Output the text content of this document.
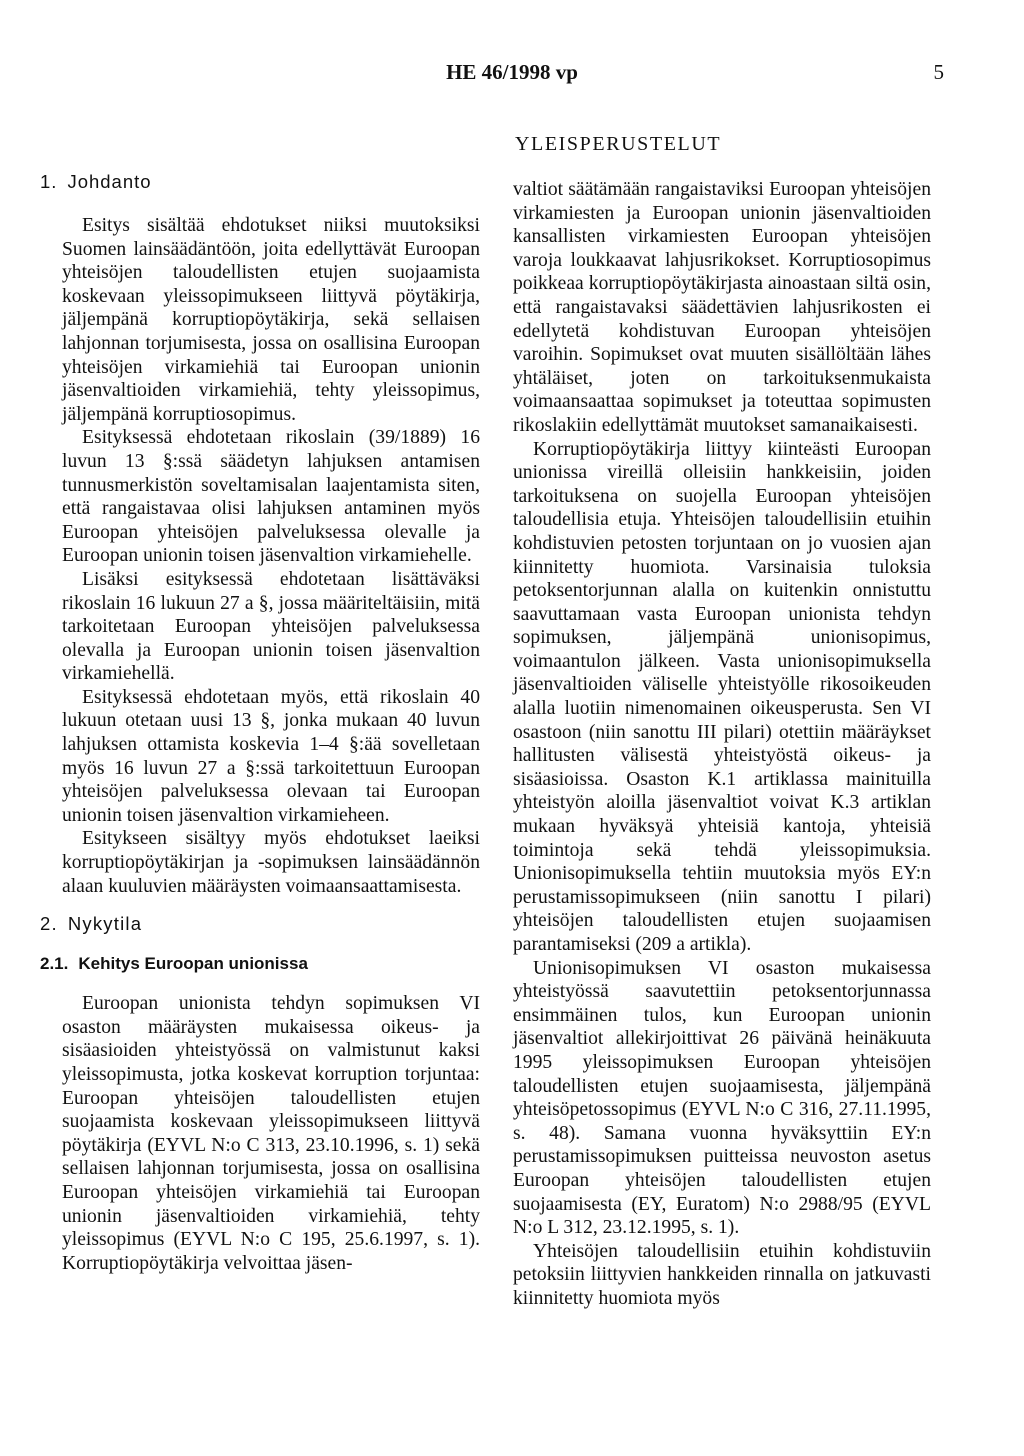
HE 46/1998 vp	5
YLEISPERUSTELUT
1. Johdanto

Esitys sisältää ehdotukset niiksi muutoksiksi Suomen lainsäädäntöön, joita edellyttävät Euroopan yhteisöjen taloudellisten etujen suojaamista koskevaan yleissopimukseen liittyvä pöytäkirja, jäljempänä korruptiopöytäkirja, sekä sellaisen lahjonnan torjumisesta, jossa on osallisina Euroopan yhteisöjen virkamiehiä tai Euroopan unionin jäsenvaltioiden virkamiehiä, tehty yleissopimus, jäljempänä korruptiosopimus.

Esityksessä ehdotetaan rikoslain (39/1889) 16 luvun 13 §:ssä säädetyn lahjuksen antamisen tunnusmerkistön soveltamisalan laajentamista siten, että rangaistavaa olisi lahjuksen antaminen myös Euroopan yhteisöjen palveluksessa olevalle ja Euroopan unionin toisen jäsenvaltion virkamiehelle.

Lisäksi esityksessä ehdotetaan lisättäväksi rikoslain 16 lukuun 27 a §, jossa määriteltäisiin, mitä tarkoitetaan Euroopan yhteisöjen palveluksessa olevalla ja Euroopan unionin toisen jäsenvaltion virkamiehellä.

Esityksessä ehdotetaan myös, että rikoslain 40 lukuun otetaan uusi 13 §, jonka mukaan 40 luvun lahjuksen ottamista koskevia 1–4 §:ää sovelletaan myös 16 luvun 27 a §:ssä tarkoitettuun Euroopan yhteisöjen palveluksessa olevaan tai Euroopan unionin toisen jäsenvaltion virkamieheen.

Esitykseen sisältyy myös ehdotukset laeiksi korruptiopöytäkirjan ja -sopimuksen lainsäädännön alaan kuuluvien määräysten voimaansaattamisesta.

2. Nykytila
2.1. Kehitys Euroopan unionissa

Euroopan unionista tehdyn sopimuksen VI osaston määräysten mukaisessa oikeus- ja sisäasioiden yhteistyössä on valmistunut kaksi yleissopimusta, jotka koskevat korruption torjuntaa: Euroopan yhteisöjen taloudellisten etujen suojaamista koskevaan yleissopimukseen liittyvä pöytäkirja (EYVL N:o C 313, 23.10.1996, s. 1) sekä sellaisen lahjonnan torjumisesta, jossa on osallisina Euroopan yhteisöjen virkamiehiä tai Euroopan unionin jäsenvaltioiden virkamiehiä, tehty yleissopimus (EYVL N:o C 195, 25.6.1997, s. 1). Korruptiopöytäkirja velvoittaa jäsen-

valtiot säätämään rangaistaviksi Euroopan yhteisöjen virkamiesten ja Euroopan unionin jäsenvaltioiden kansallisten virkamiesten Euroopan yhteisöjen varoja loukkaavat lahjusrikokset. Korruptiosopimus poikkeaa korruptiopöytäkirjasta ainoastaan siltä osin, että rangaistavaksi säädettävien lahjusrikosten ei edellytetä kohdistuvan Euroopan yhteisöjen varoihin. Sopimukset ovat muuten sisällöltään lähes yhtäläiset, joten on tarkoituksenmukaista voimaansaattaa sopimukset ja toteuttaa sopimusten rikoslakiin edellyttämät muutokset samanaikaisesti.

Korruptiopöytäkirja liittyy kiinteästi Euroopan unionissa vireillä olleisiin hankkeisiin, joiden tarkoituksena on suojella Euroopan yhteisöjen taloudellisia etuja. Yhteisöjen taloudellisiin etuihin kohdistuvien petosten torjuntaan on jo vuosien ajan kiinnitetty huomiota. Varsinaisia tuloksia petoksentorjunnan alalla on kuitenkin onnistuttu saavuttamaan vasta Euroopan unionista tehdyn sopimuksen, jäljempänä unionisopimus, voimaantulon jälkeen. Vasta unionisopimuksella jäsenvaltioiden väliselle yhteistyölle rikosoikeuden alalla luotiin nimenomainen oikeusperusta. Sen VI osastoon (niin sanottu III pilari) otettiin määräykset hallitusten välisestä yhteistyöstä oikeus- ja sisäasioissa. Osaston K.1 artiklassa mainituilla yhteistyön aloilla jäsenvaltiot voivat K.3 artiklan mukaan hyväksyä yhteisiä kantoja, yhteisiä toimintoja sekä tehdä yleissopimuksia. Unionisopimuksella tehtiin muutoksia myös EY:n perustamissopimukseen (niin sanottu I pilari) yhteisöjen taloudellisten etujen suojaamisen parantamiseksi (209 a artikla).

Unionisopimuksen VI osaston mukaisessa yhteistyössä saavutettiin petoksentorjunnassa ensimmäinen tulos, kun Euroopan unionin jäsenvaltiot allekirjoittivat 26 päivänä heinäkuuta 1995 yleissopimuksen Euroopan yhteisöjen taloudellisten etujen suojaamisesta, jäljempänä yhteisöpetossopimus (EYVL N:o C 316, 27.11.1995, s. 48). Samana vuonna hyväksyttiin EY:n perustamissopimuksen puitteissa neuvoston asetus Euroopan yhteisöjen taloudellisten etujen suojaamisesta (EY, Euratom) N:o 2988/95 (EYVL N:o L 312, 23.12.1995, s. 1).

Yhteisöjen taloudellisiin etuihin kohdistuviin petoksiin liittyvien hankkeiden rinnalla on jatkuvasti kiinnitetty huomiota myös
